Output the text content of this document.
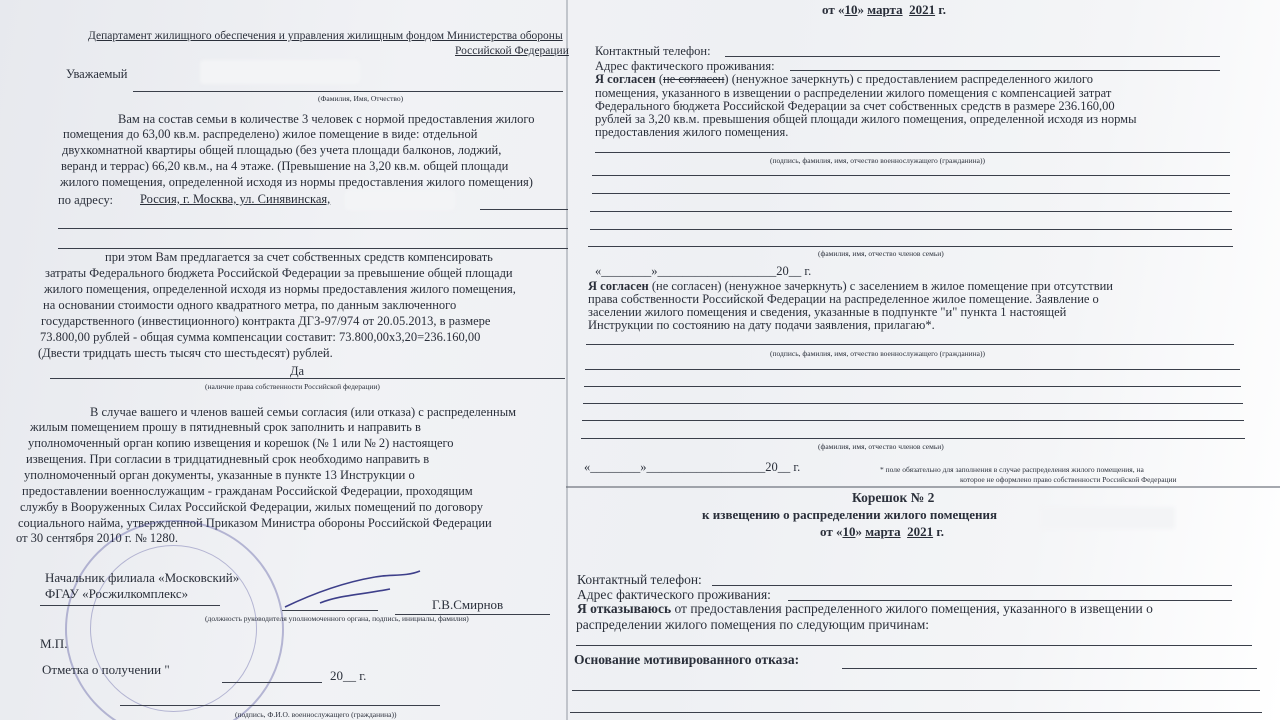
Департамент жилищного обеспечения и управления жилищным фондом Министерства обороны
Российской Федерации
Уважаемый
(Фамилия, Имя, Отчество)
Вам на состав семьи в количестве 3 человек с нормой предоставления жилого
помещения до 63,00 кв.м. распределено) жилое помещение в виде: отдельной
двухкомнатной квартиры общей площадью (без учета площади балконов, лоджий,
веранд и террас) 66,20 кв.м., на 4 этаже. (Превышение на 3,20 кв.м. общей площади
жилого помещения, определенной исходя из нормы предоставления жилого помещения)
по адресу: Россия, г. Москва, ул. Синявинская,
при этом Вам предлагается за счет собственных средств компенсировать
затраты Федерального бюджета Российской Федерации за превышение общей площади
жилого помещения, определенной исходя из нормы предоставления жилого помещения,
на основании стоимости одного квадратного метра, по данным заключенного
государственного (инвестиционного) контракта ДГЗ-97/974 от 20.05.2013, в размере
73.800,00 рублей - общая сумма компенсации составит: 73.800,00х3,20=236.160,00
(Двести тридцать шесть тысяч сто шестьдесят) рублей.
Да
(наличие права собственности Российской федерации)
В случае вашего и членов вашей семьи согласия (или отказа) с распределенным
жилым помещением прошу в пятидневный срок заполнить и направить в
уполномоченный орган копию извещения и корешок (№ 1 или № 2) настоящего
извещения. При согласии в тридцатидневный срок необходимо направить в
уполномоченный орган документы, указанные в пункте 13 Инструкции о
предоставлении военнослужащим - гражданам Российской Федерации, проходящим
службу в Вооруженных Силах Российской Федерации, жилых помещений по договору
социального найма, утвержденной Приказом Министра обороны Российской Федерации
от 30 сентября 2010 г. № 1280.
Начальник филиала «Московский»
ФГАУ «Росжилкомплекс»
Г.В.Смирнов
(должность руководителя уполномоченного органа, подпись, инициалы, фамилия)
М.П.
Отметка о получении "	20__ г.
(подпись, Ф.И.О. военнослужащего (гражданина))
от «10» марта 2021 г.
Контактный телефон:
Адрес фактического проживания:
Я согласен (не согласен) (ненужное зачеркнуть) с предоставлением распределенного жилого
помещения, указанного в извещении о распределении жилого помещения с компенсацией затрат
Федерального бюджета Российской Федерации за счет собственных средств в размере 236.160,00
рублей за 3,20 кв.м. превышения общей площади жилого помещения, определенной исходя из нормы
предоставления жилого помещения.
(подпись, фамилия, имя, отчество военнослужащего (гражданина))
(фамилия, имя, отчество членов семьи)
«________»___________________20__ г.
Я согласен (не согласен) (ненужное зачеркнуть) с заселением в жилое помещение при отсутствии
права собственности Российской Федерации на распределенное жилое помещение. Заявление о
заселении жилого помещения и сведения, указанные в подпункте "и" пункта 1 настоящей
Инструкции по состоянию на дату подачи заявления, прилагаю*.
(подпись, фамилия, имя, отчество военнослужащего (гражданина))
(фамилия, имя, отчество членов семьи)
«________»___________________20__ г.	* поле обязательно для заполнения в случае распределения жилого помещения, на
которое не оформлено право собственности Российской Федерации
Корешок № 2
к извещению о распределении жилого помещения
от «10» марта 2021 г.
Контактный телефон:
Адрес фактического проживания:
Я отказываюсь от предоставления распределенного жилого помещения, указанного в извещении о
распределении жилого помещения по следующим причинам:
Основание мотивированного отказа:
